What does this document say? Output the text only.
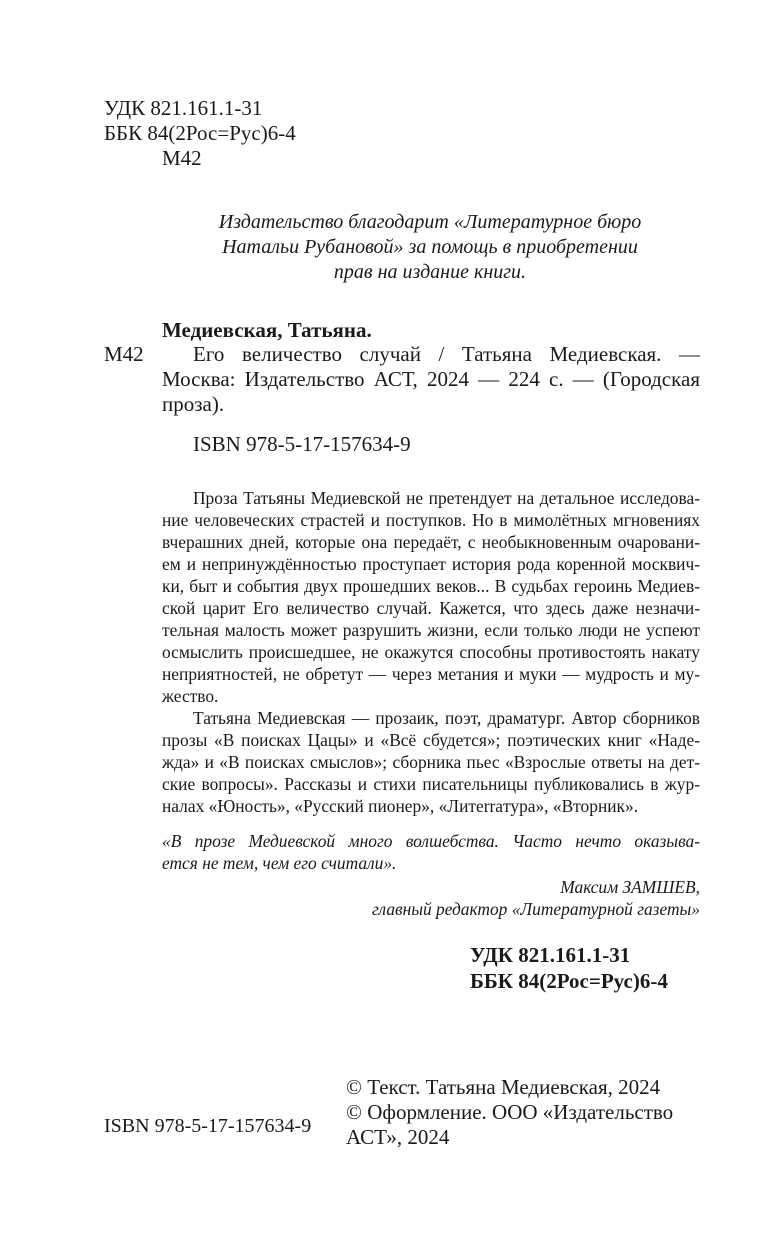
УДК 821.161.1-31
ББК 84(2Рос=Рус)6-4
М42
Издательство благодарит «Литературное бюро
Натальи Рубановой» за помощь в приобретении
прав на издание книги.
Медиевская, Татьяна.
М42	Его величество случай / Татьяна Медиевская. —
Москва: Издательство АСТ, 2024 — 224 с. — (Городская
проза).
ISBN 978-5-17-157634-9
Проза Татьяны Медиевской не претендует на детальное исследова-
ние человеческих страстей и поступков. Но в мимолётных мгновениях
вчерашних дней, которые она передаёт, с необыкновенным очаровани-
ем и непринуждённостью проступает история рода коренной москвич-
ки, быт и события двух прошедших веков... В судьбах героинь Медиев-
ской царит Его величество случай. Кажется, что здесь даже незначи-
тельная малость может разрушить жизни, если только люди не успеют
осмыслить происшедшее, не окажутся способны противостоять накату
неприятностей, не обретут — через метания и муки — мудрость и му-
жество.
Татьяна Медиевская — прозаик, поэт, драматург. Автор сборников
прозы «В поисках Цацы» и «Всё сбудется»; поэтических книг «Наде-
жда» и «В поисках смыслов»; сборника пьес «Взрослые ответы на дет-
ские вопросы». Рассказы и стихи писательницы публиковались в жур-
налах «Юность», «Русский пионер», «Литеrraтура», «Вторник».
«В прозе Медиевской много волшебства. Часто нечто оказыва-
ется не тем, чем его считали».
Максим ЗАМШЕВ,
главный редактор «Литературной газеты»
УДК 821.161.1-31
ББК 84(2Рос=Рус)6-4
© Текст. Татьяна Медиевская, 2024
© Оформление. ООО «Издательство
АСТ», 2024
ISBN 978-5-17-157634-9
